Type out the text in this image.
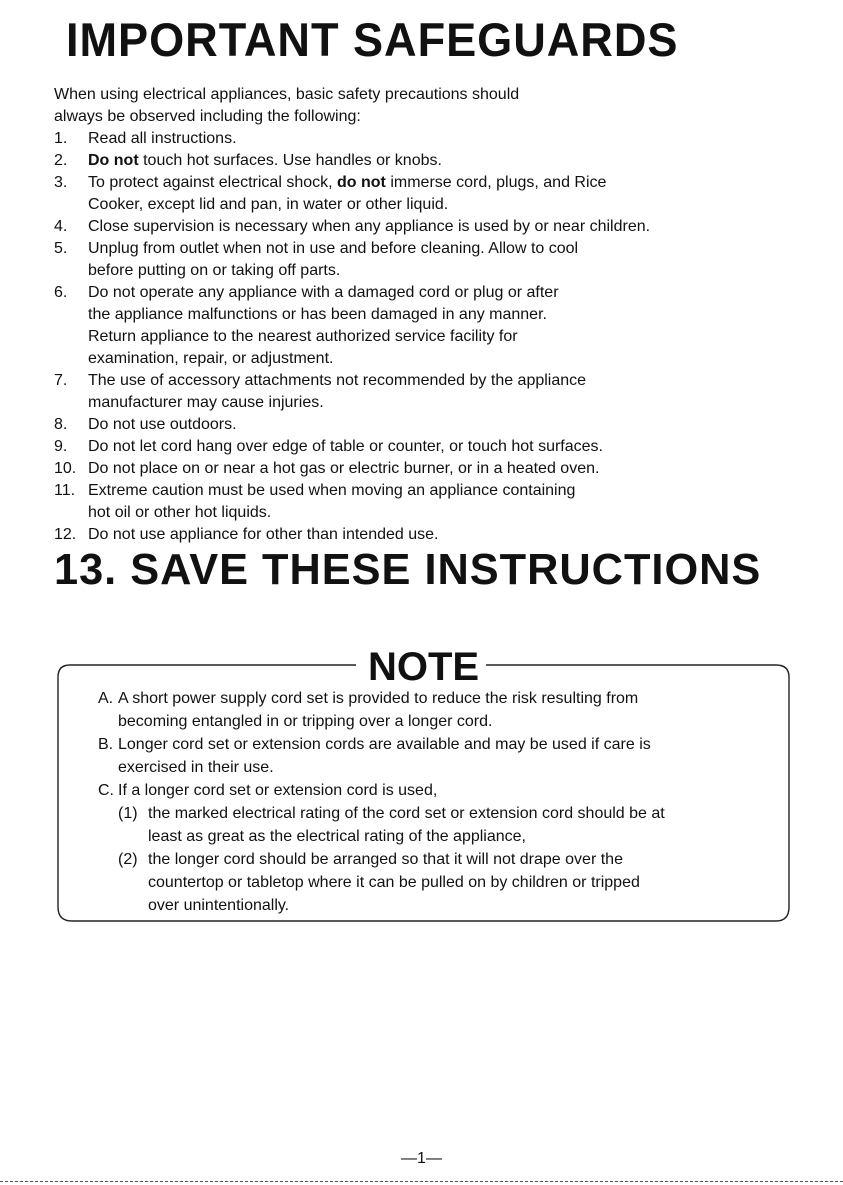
IMPORTANT SAFEGUARDS

When using electrical appliances, basic safety precautions should

always be observed including the following:

1.	Read all instructions.
2.	Do not touch hot surfaces. Use handles or knobs.
3.	To protect against electrical shock, do not immerse cord, plugs, and Rice
Cooker, except lid and pan, in water or other liquid.
4.	Close supervision is necessary when any appliance is used by or near children.
5.	Unplug from outlet when not in use and before cleaning. Allow to cool
before putting on or taking off parts.
6.	Do not operate any appliance with a damaged cord or plug or after
the appliance malfunctions or has been damaged in any manner.
Return appliance to the nearest authorized service facility for
examination, repair, or adjustment.
7.	The use of accessory attachments not recommended by the appliance
manufacturer may cause injuries.
8.	Do not use outdoors.
9.	Do not let cord hang over edge of table or counter, or touch hot surfaces.
10. Do not place on or near a hot gas or electric burner, or in a heated oven.
11. Extreme caution must be used when moving an appliance containing
hot oil or other hot liquids.
12. Do not use appliance for other than intended use.
13. SAVE THESE INSTRUCTIONS
NOTE
A. A short power supply cord set is provided to reduce the risk resulting from
becoming entangled in or tripping over a longer cord.
B. Longer cord set or extension cords are available and may be used if care is
exercised in their use.
C. If a longer cord set or extension cord is used,
(1) the marked electrical rating of the cord set or extension cord should be at
least as great as the electrical rating of the appliance,
(2) the longer cord should be arranged so that it will not drape over the
countertop or tabletop where it can be pulled on by children or tripped
over unintentionally.
—1—
